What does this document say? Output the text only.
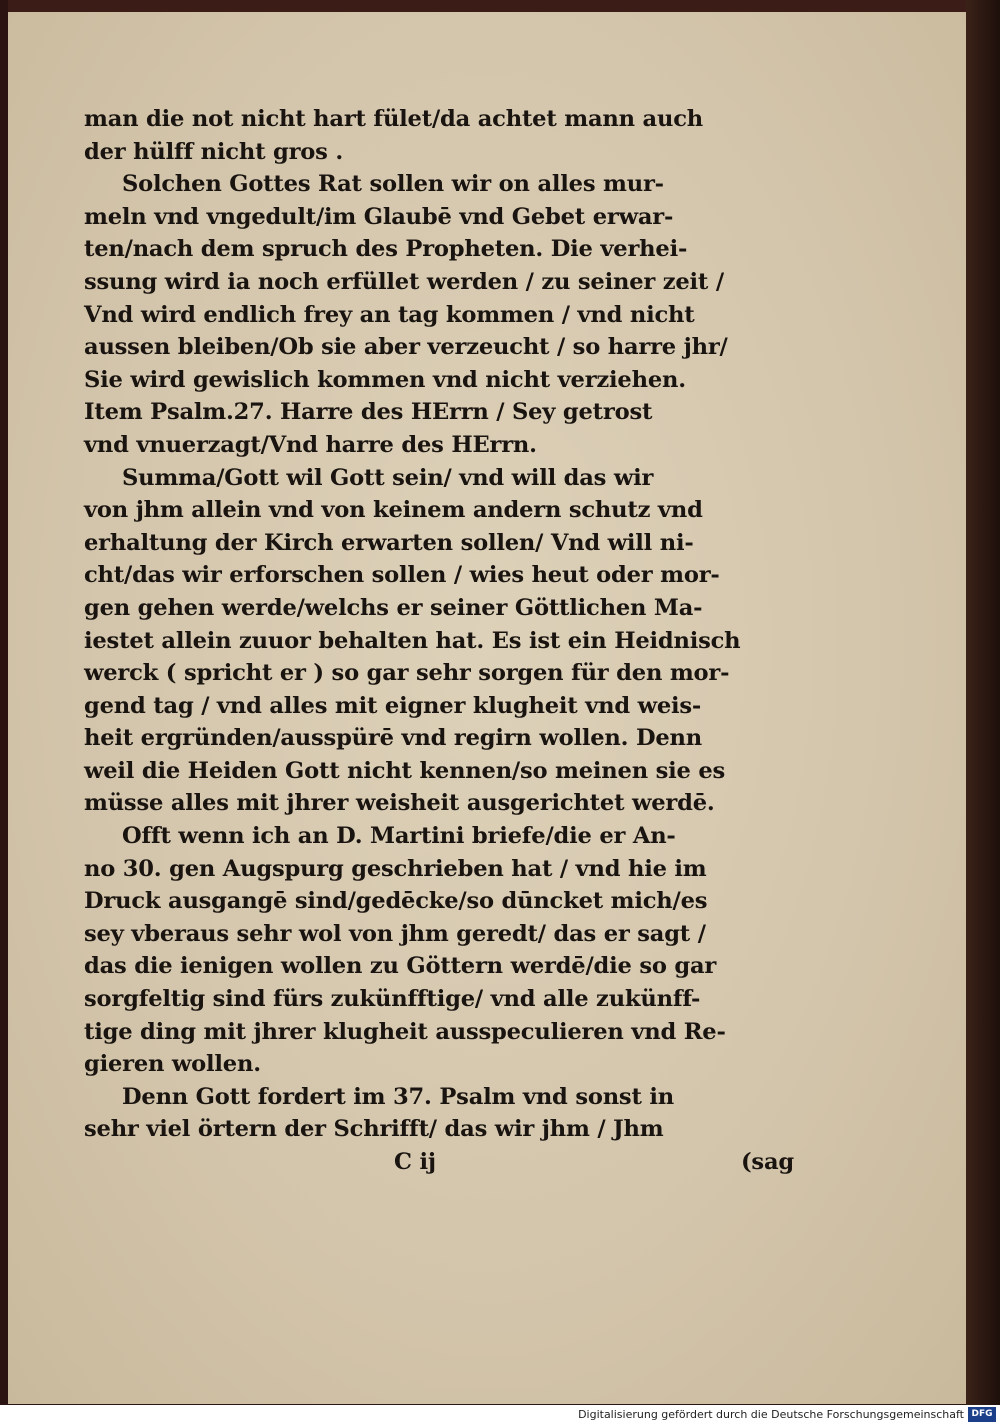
man die not nicht hart fület/da achtet mann auch
der hülff nicht gros .
Solchen Gottes Rat sollen wir on alles mur-
meln vnd vngedult/im Glaubē vnd Gebet erwar-
ten/nach dem spruch des Propheten. Die verhei-
ssung wird ia noch erfüllet werden / zu seiner zeit /
Vnd wird endlich frey an tag kommen / vnd nicht
aussen bleiben/Ob sie aber verzeucht / so harre jhr/
Sie wird gewislich kommen vnd nicht verziehen.
Item Psalm.27. Harre des HErrn / Sey getrost
vnd vnuerzagt/Vnd harre des HErrn.
Summa/Gott wil Gott sein/ vnd will das wir
von jhm allein vnd von keinem andern schutz vnd
erhaltung der Kirch erwarten sollen/ Vnd will ni-
cht/das wir erforschen sollen / wies heut oder mor-
gen gehen werde/welchs er seiner Göttlichen Ma-
iestet allein zuuor behalten hat. Es ist ein Heidnisch
werck ( spricht er ) so gar sehr sorgen für den mor-
gend tag / vnd alles mit eigner klugheit vnd weis-
heit ergründen/ausspürē vnd regirn wollen. Denn
weil die Heiden Gott nicht kennen/so meinen sie es
müsse alles mit jhrer weisheit ausgerichtet werdē.
Offt wenn ich an D. Martini briefe/die er An-
no 30. gen Augspurg geschrieben hat / vnd hie im
Druck ausgangē sind/gedēcke/so dūncket mich/es
sey vberaus sehr wol von jhm geredt/ das er sagt /
das die ienigen wollen zu Göttern werdē/die so gar
sorgfeltig sind fürs zukünfftige/ vnd alle zukünff-
tige ding mit jhrer klugheit ausspeculieren vnd Re-
gieren wollen.
Denn Gott fordert im 37. Psalm vnd sonst in
sehr viel örtern der Schrifft/ das wir jhm / Jhm
C ij	(sag
Digitalisierung gefördert durch die Deutsche Forschungsgemeinschaft DFG
